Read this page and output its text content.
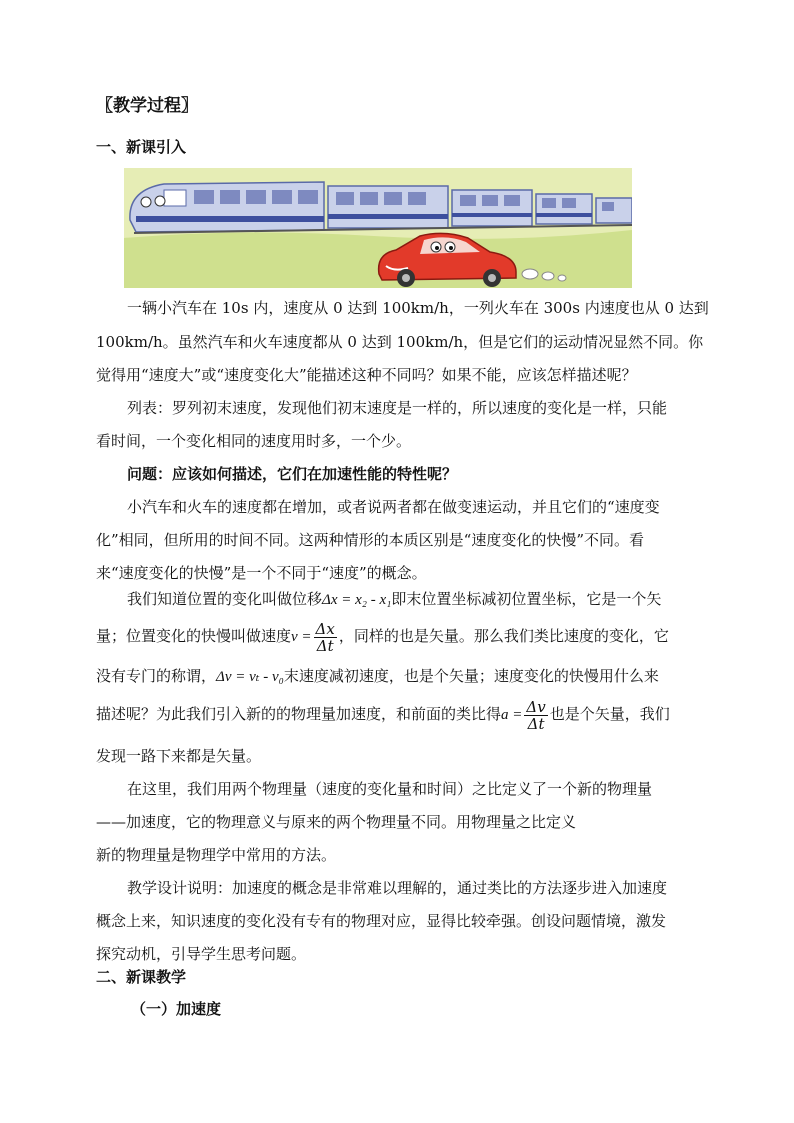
〖教学过程〗
一、新课引入
一辆小汽车在 10s 内，速度从 0 达到 100km/h，一列火车在 300s 内速度也从 0 达到
100km/h。虽然汽车和火车速度都从 0 达到 100km/h，但是它们的运动情况显然不同。你
觉得用“速度大”或“速度变化大”能描述这种不同吗？如果不能，应该怎样描述呢？
列表：罗列初末速度，发现他们初末速度是一样的，所以速度的变化是一样，只能
看时间，一个变化相同的速度用时多，一个少。
问题：应该如何描述，它们在加速性能的特性呢？
小汽车和火车的速度都在增加，或者说两者都在做变速运动，并且它们的“速度变
化”相同，但所用的时间不同。这两种情形的本质区别是“速度变化的快慢”不同。看
来“速度变化的快慢”是一个不同于“速度”的概念。
我们知道位置的变化叫做位移Δx = x₂ - x₁即末位置坐标减初位置坐标，它是一个矢
量；位置变化的快慢叫做速度$v = \frac{\Delta x}{\Delta t}$ ，同样的也是矢量。那么我们类比速度的变化，它
没有专门的称谓，Δv = vₜ - v₀末速度减初速度，也是个矢量；速度变化的快慢用什么来
描述呢？为此我们引入新的的物理量加速度，和前面的类比得$a = \frac{\Delta v}{\Delta t}$ 也是个矢量，我们
发现一路下来都是矢量。
在这里，我们用两个物理量（速度的变化量和时间）之比定义了一个新的物理量
——加速度，它的物理意义与原来的两个物理量不同。用物理量之比定义
新的物理量是物理学中常用的方法。
教学设计说明：加速度的概念是非常难以理解的，通过类比的方法逐步进入加速度
概念上来，知识速度的变化没有专有的物理对应，显得比较牵强。创设问题情境，激发
探究动机，引导学生思考问题。
二、新课教学
（一）加速度
